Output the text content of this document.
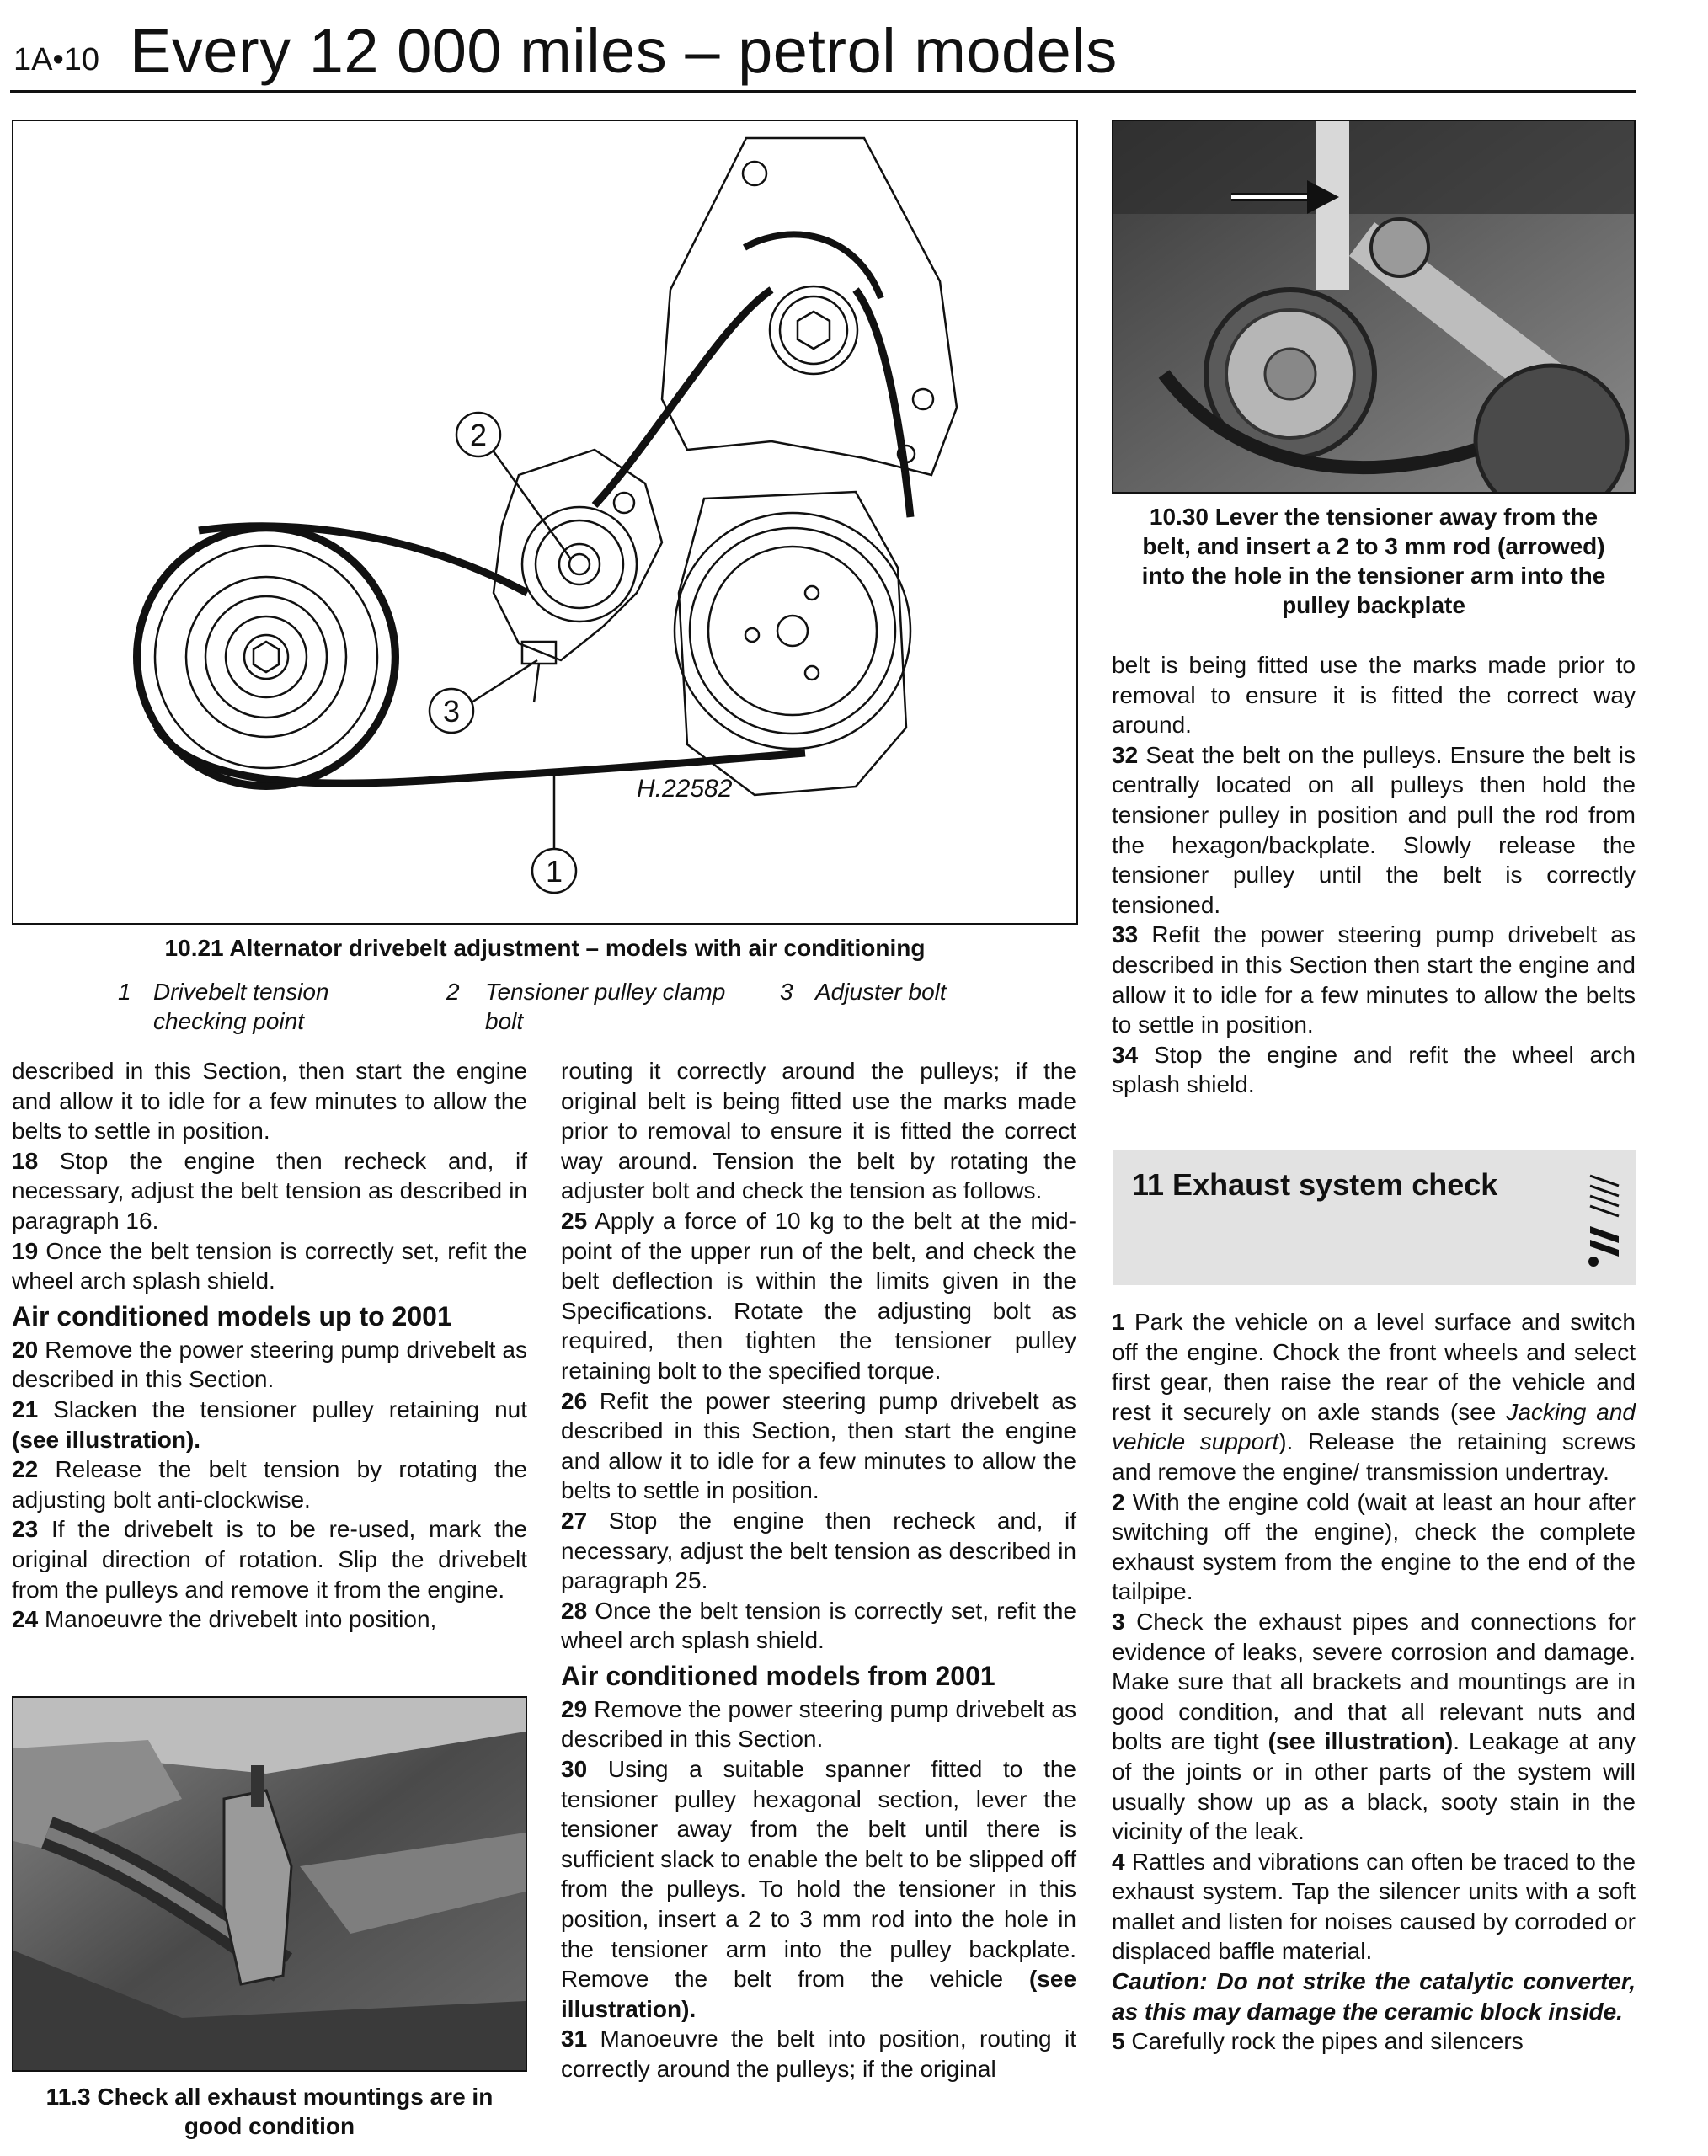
1A•10 Every 12 000 miles – petrol models
2
3
1
H.22582
10.21 Alternator drivebelt adjustment – models with air conditioning
1 Drivebelt tension
checking point
2 Tensioner pulley clamp
bolt
3 Adjuster bolt
10.30 Lever the tensioner away from the
belt, and insert a 2 to 3 mm rod (arrowed)
into the hole in the tensioner arm into the
pulley backplate

described in this Section, then start the engine and allow it to idle for a few minutes to allow the belts to settle in position.

18 Stop the engine then recheck and, if necessary, adjust the belt tension as described in paragraph 16.

19 Once the belt tension is correctly set, refit the wheel arch splash shield.

Air conditioned models up to 2001

20 Remove the power steering pump drivebelt as described in this Section.

21 Slacken the tensioner pulley retaining nut (see illustration).

22 Release the belt tension by rotating the adjusting bolt anti-clockwise.

23 If the drivebelt is to be re-used, mark the original direction of rotation. Slip the drivebelt from the pulleys and remove it from the engine.

24 Manoeuvre the drivebelt into position,

11.3 Check all exhaust mountings are in
good condition

routing it correctly around the pulleys; if the original belt is being fitted use the marks made prior to removal to ensure it is fitted the correct way around. Tension the belt by rotating the adjuster bolt and check the tension as follows.

25 Apply a force of 10 kg to the belt at the mid-point of the upper run of the belt, and check the belt deflection is within the limits given in the Specifications. Rotate the adjusting bolt as required, then tighten the tensioner pulley retaining bolt to the specified torque.

26 Refit the power steering pump drivebelt as described in this Section, then start the engine and allow it to idle for a few minutes to allow the belts to settle in position.

27 Stop the engine then recheck and, if necessary, adjust the belt tension as described in paragraph 25.

28 Once the belt tension is correctly set, refit the wheel arch splash shield.

Air conditioned models from 2001

29 Remove the power steering pump drivebelt as described in this Section.

30 Using a suitable spanner fitted to the tensioner pulley hexagonal section, lever the tensioner away from the belt until there is sufficient slack to enable the belt to be slipped off from the pulleys. To hold the tensioner in this position, insert a 2 to 3 mm rod into the hole in the tensioner arm into the pulley backplate. Remove the belt from the vehicle (see illustration).

31 Manoeuvre the belt into position, routing it correctly around the pulleys; if the original

belt is being fitted use the marks made prior to removal to ensure it is fitted the correct way around.

32 Seat the belt on the pulleys. Ensure the belt is centrally located on all pulleys then hold the tensioner pulley in position and pull the rod from the hexagon/backplate. Slowly release the tensioner pulley until the belt is correctly tensioned.

33 Refit the power steering pump drivebelt as described in this Section then start the engine and allow it to idle for a few minutes to allow the belts to settle in position.

34 Stop the engine and refit the wheel arch splash shield.

11 Exhaust system check

1 Park the vehicle on a level surface and switch off the engine. Chock the front wheels and select first gear, then raise the rear of the vehicle and rest it securely on axle stands (see Jacking and vehicle support). Release the retaining screws and remove the engine/ transmission undertray.

2 With the engine cold (wait at least an hour after switching off the engine), check the complete exhaust system from the engine to the end of the tailpipe.

3 Check the exhaust pipes and connections for evidence of leaks, severe corrosion and damage. Make sure that all brackets and mountings are in good condition, and that all relevant nuts and bolts are tight (see illustration). Leakage at any of the joints or in other parts of the system will usually show up as a black, sooty stain in the vicinity of the leak.

4 Rattles and vibrations can often be traced to the exhaust system. Tap the silencer units with a soft mallet and listen for noises caused by corroded or displaced baffle material.

Caution: Do not strike the catalytic converter, as this may damage the ceramic block inside.

5 Carefully rock the pipes and silencers
